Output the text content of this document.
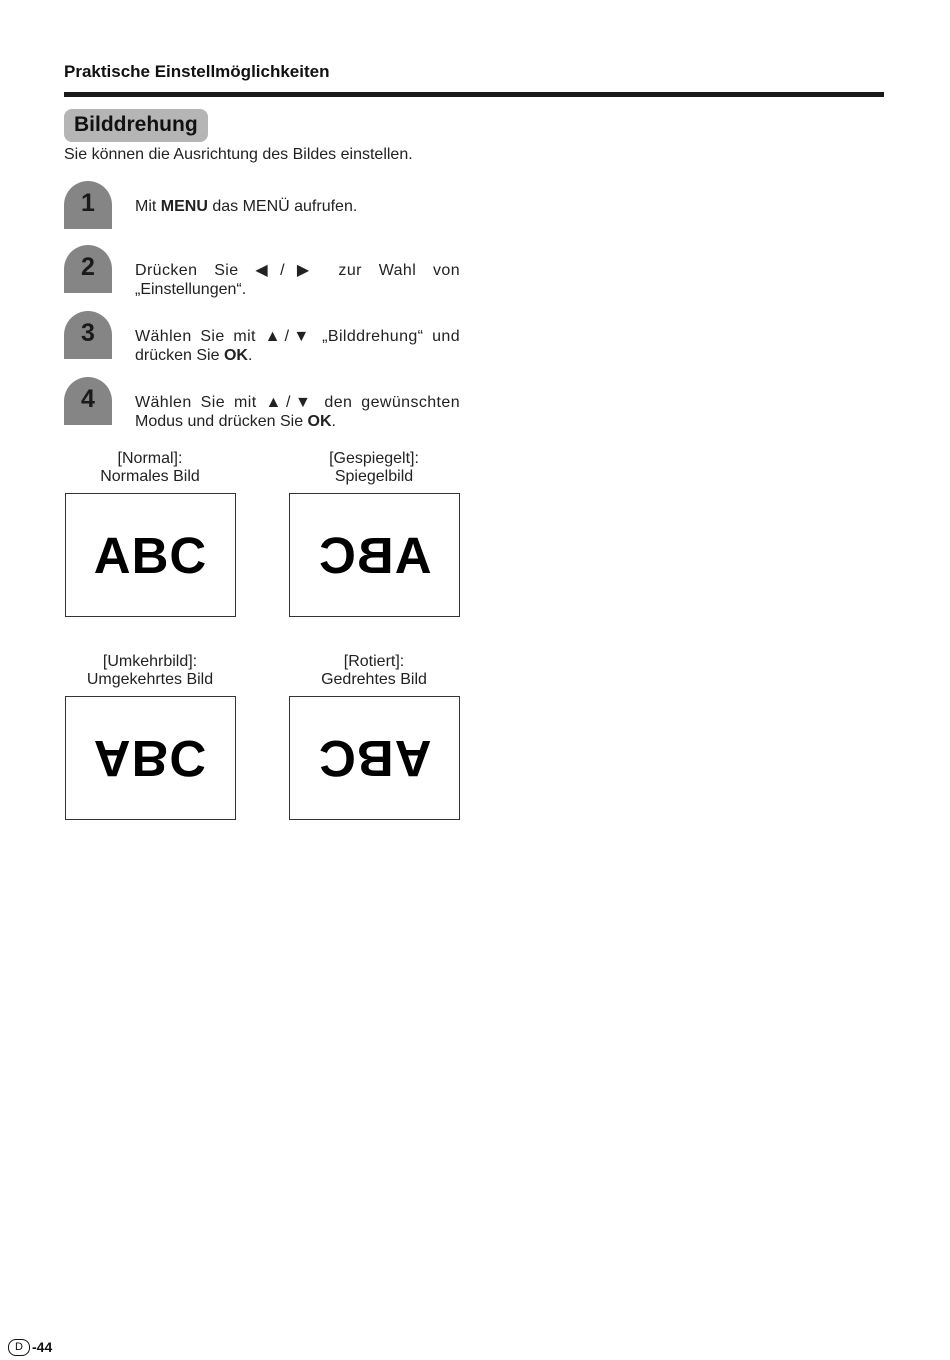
Praktische Einstellmöglichkeiten
Bilddrehung
Sie können die Ausrichtung des Bildes einstellen.
1	Mit MENU das MENÜ aufrufen.
2	Drücken Sie ◀/▶ zur Wahl von
„Einstellungen“.
3	Wählen Sie mit ▲/▼ „Bilddrehung“ und
drücken Sie OK.
4	Wählen Sie mit ▲/▼ den gewünschten
Modus und drücken Sie OK.
[Normal]:
Normales Bild
ABC
[Gespiegelt]:
Spiegelbild
ABC
[Umkehrbild]:
Umgekehrtes Bild
ABC
[Rotiert]:
Gedrehtes Bild
ABC
D -44
